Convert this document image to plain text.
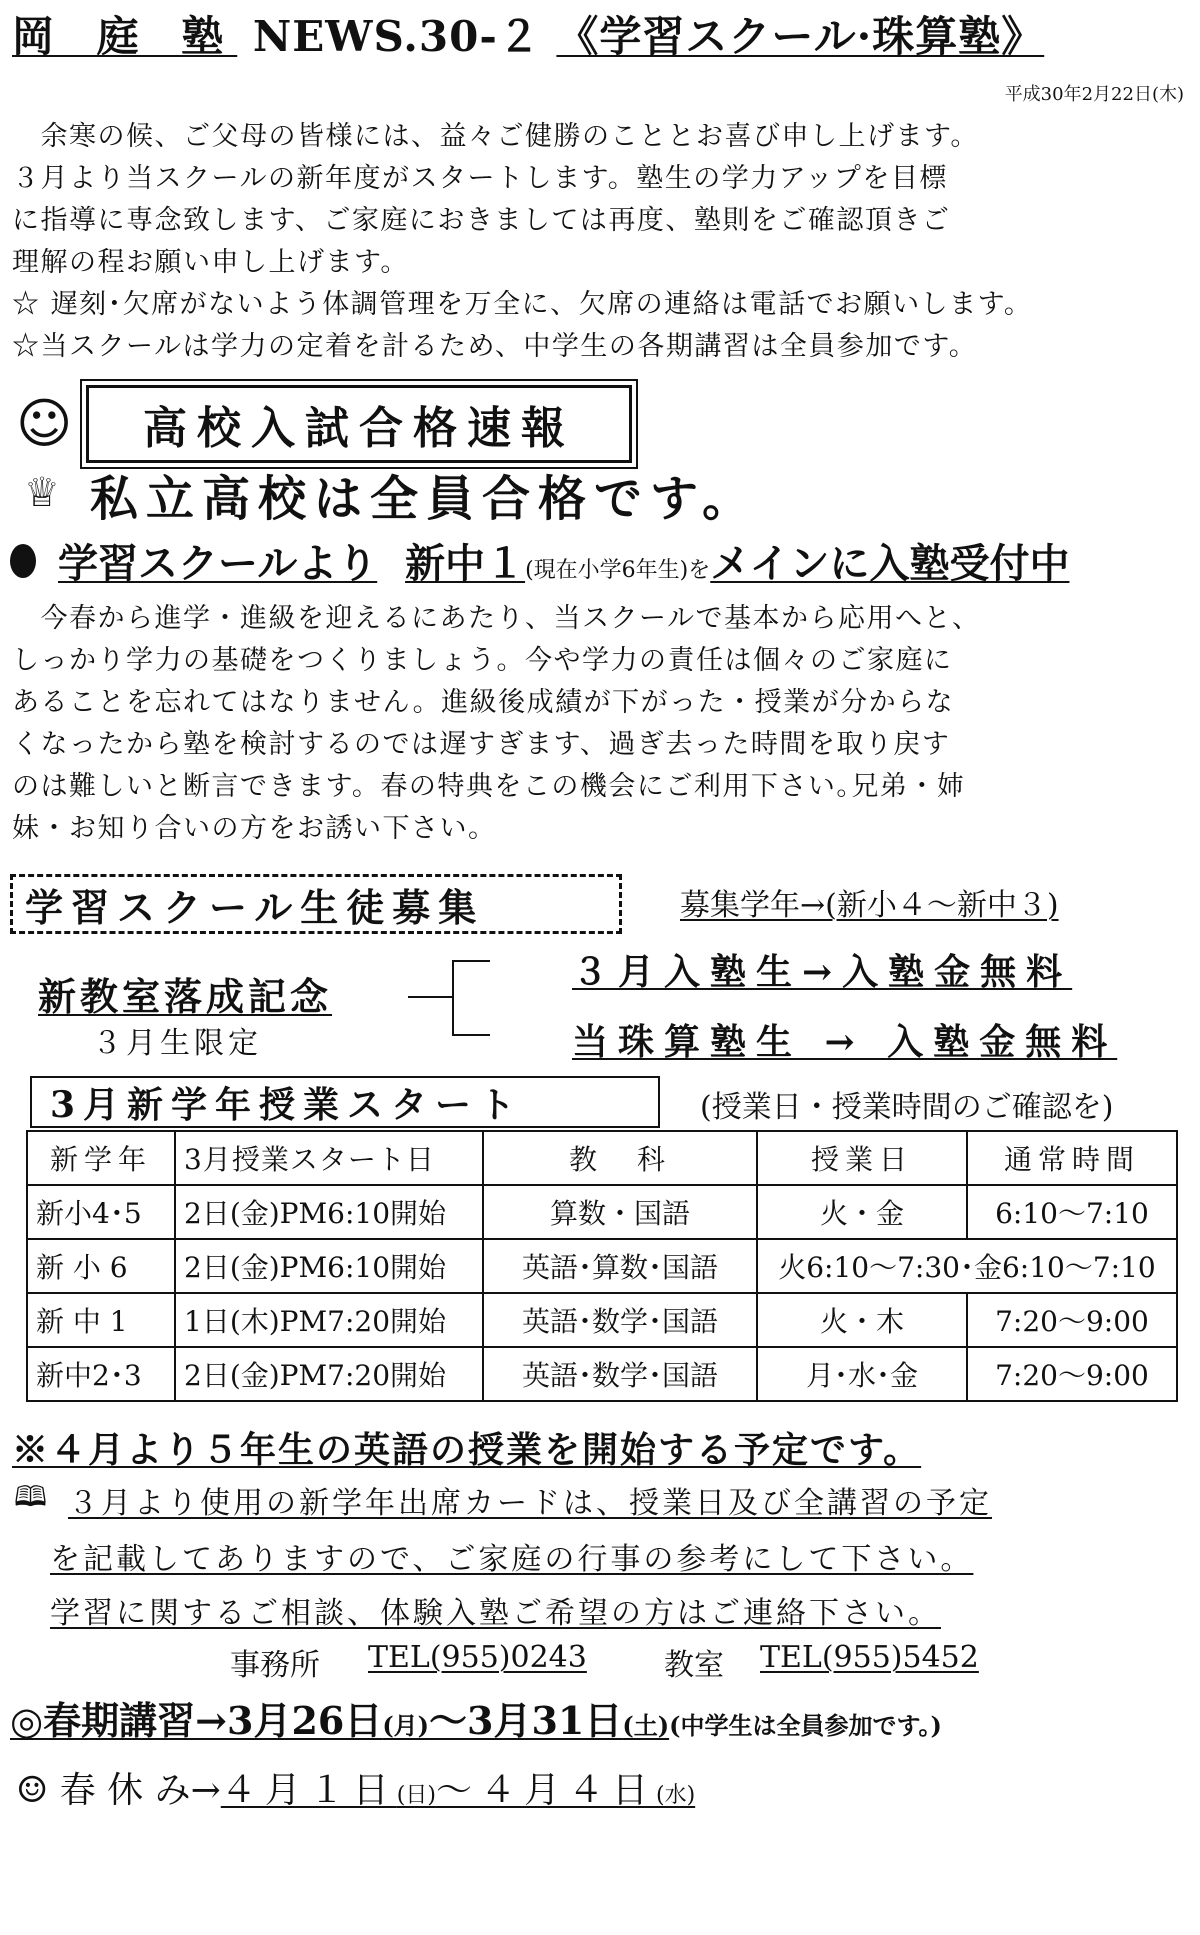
岡 庭 塾 NEWS.30-２ 《学習スクール·珠算塾》
平成30年2月22日(木)
　余寒の候、ご父母の皆様には、益々ご健勝のこととお喜び申し上げます。
３月より当スクールの新年度がスタートします。塾生の学力アップを目標
に指導に専念致します、ご家庭におきましては再度、塾則をご確認頂きご
理解の程お願い申し上げます。
☆ 遅刻･欠席がないよう体調管理を万全に、欠席の連絡は電話でお願いします。
☆当スクールは学力の定着を計るため、中学生の各期講習は全員参加です。
☺	高校入試合格速報
♕ 私立高校は全員合格です。
学習スクールより 新中１(現在小学6年生)をメインに入塾受付中
　今春から進学・進級を迎えるにあたり、当スクールで基本から応用へと、
しっかり学力の基礎をつくりましょう。今や学力の責任は個々のご家庭に
あることを忘れてはなりません。進級後成績が下がった・授業が分からな
くなったから塾を検討するのでは遅すぎます、過ぎ去った時間を取り戻す
のは難しいと断言できます。春の特典をこの機会にご利用下さい｡兄弟・姉
妹・お知り合いの方をお誘い下さい。
学習スクール生徒募集	募集学年→(新小４～新中３)
新教室落成記念
３月生限定
３月入塾生→入塾金無料
当珠算塾生 → 入塾金無料
3月新学年授業スタート	(授業日・授業時間のご確認を)
新学年	3月授業スタート日	教　科	授業日	通常時間
新小4･5	2日(金)PM6:10開始	算数・国語	火・金	6:10～7:10
新 小 6	2日(金)PM6:10開始	英語･算数･国語	火6:10～7:30･金6:10～7:10	
新 中 1	1日(木)PM7:20開始	英語･数学･国語	火・木	7:20～9:00
新中2･3	2日(金)PM7:20開始	英語･数学･国語	月･水･金	7:20～9:00
※４月より５年生の英語の授業を開始する予定です。
🕮 ３月より使用の新学年出席カードは、授業日及び全講習の予定
を記載してありますので、ご家庭の行事の参考にして下さい。
学習に関するご相談、体験入塾ご希望の方はご連絡下さい。
事務所 TEL(955)0243	教室 TEL(955)5452
◎春期講習→3月26日(月)～3月31日(土)(中学生は全員参加です。)
☺ 春 休 み→４月１日(日)～４月４日(水)
